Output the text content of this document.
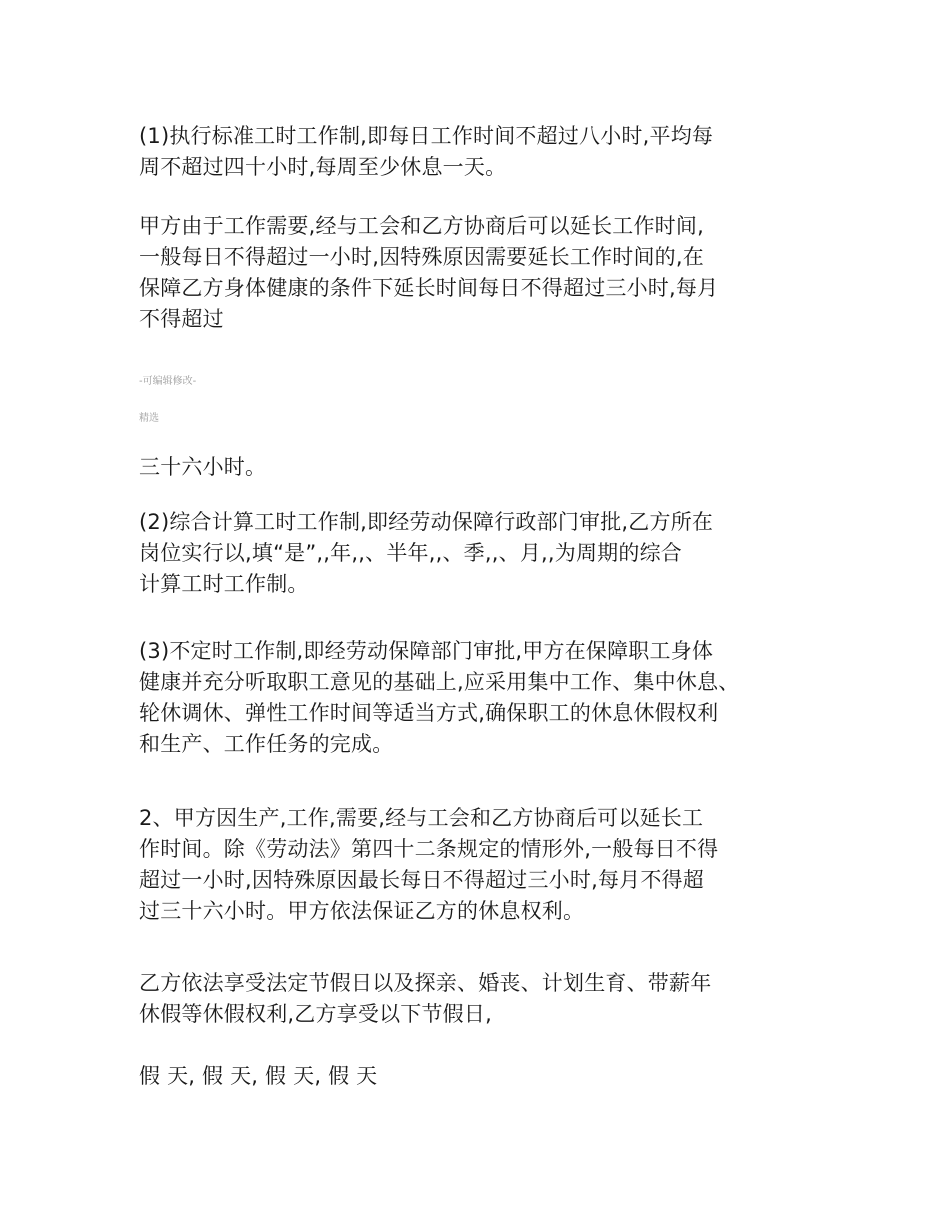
(1)执行标准工时工作制,即每日工作时间不超过八小时,平均每
周不超过四十小时,每周至少休息一天。
甲方由于工作需要,经与工会和乙方协商后可以延长工作时间,
一般每日不得超过一小时,因特殊原因需要延长工作时间的,在
保障乙方身体健康的条件下延长时间每日不得超过三小时,每月
不得超过
-可编辑修改-
精选
三十六小时。
(2)综合计算工时工作制,即经劳动保障行政部门审批,乙方所在
岗位实行以,填“是”,,年,,、半年,,、季,,、月,,为周期的综合
计算工时工作制。
(3)不定时工作制,即经劳动保障部门审批,甲方在保障职工身体
健康并充分听取职工意见的基础上,应采用集中工作、集中休息、
轮休调休、弹性工作时间等适当方式,确保职工的休息休假权利
和生产、工作任务的完成。
2、甲方因生产,工作,需要,经与工会和乙方协商后可以延长工
作时间。除《劳动法》第四十二条规定的情形外,一般每日不得
超过一小时,因特殊原因最长每日不得超过三小时,每月不得超
过三十六小时。甲方依法保证乙方的休息权利。
乙方依法享受法定节假日以及探亲、婚丧、计划生育、带薪年
休假等休假权利,乙方享受以下节假日,
假 天, 假 天, 假 天, 假 天
